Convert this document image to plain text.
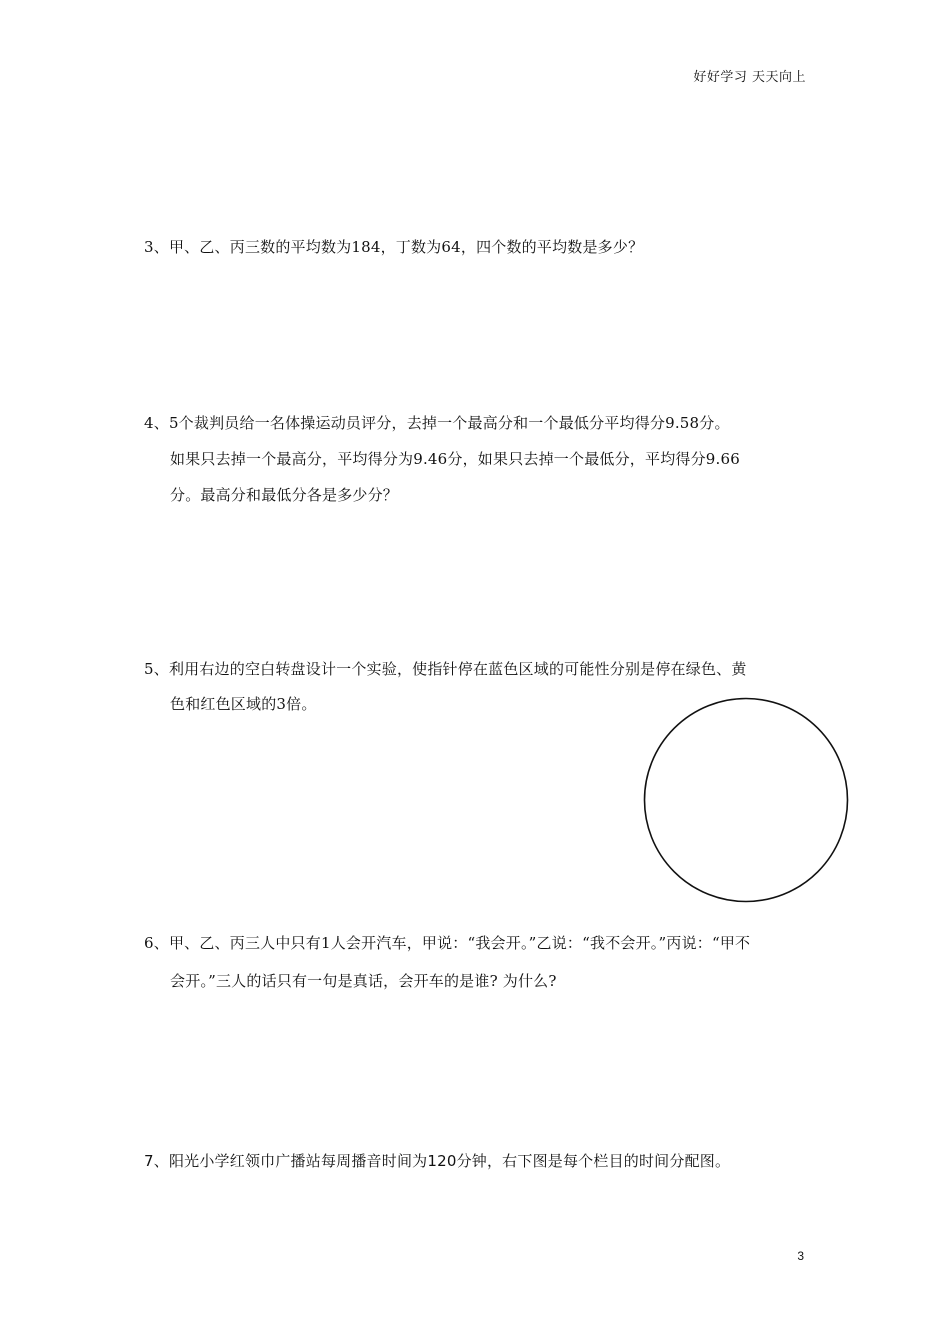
好好学习 天天向上
3、甲、乙、丙三数的平均数为184，丁数为64，四个数的平均数是多少？
4、5个裁判员给一名体操运动员评分，去掉一个最高分和一个最低分平均得分9.58分。
如果只去掉一个最高分，平均得分为9.46分，如果只去掉一个最低分，平均得分9.66
分。最高分和最低分各是多少分？
5、利用右边的空白转盘设计一个实验，使指针停在蓝色区域的可能性分别是停在绿色、黄
色和红色区域的3倍。
6、甲、乙、丙三人中只有1人会开汽车，甲说：“我会开。”乙说：“我不会开。”丙说：“甲不
会开。”三人的话只有一句是真话，会开车的是谁? 为什么?
7、阳光小学红领巾广播站每周播音时间为120分钟，右下图是每个栏目的时间分配图。
3
